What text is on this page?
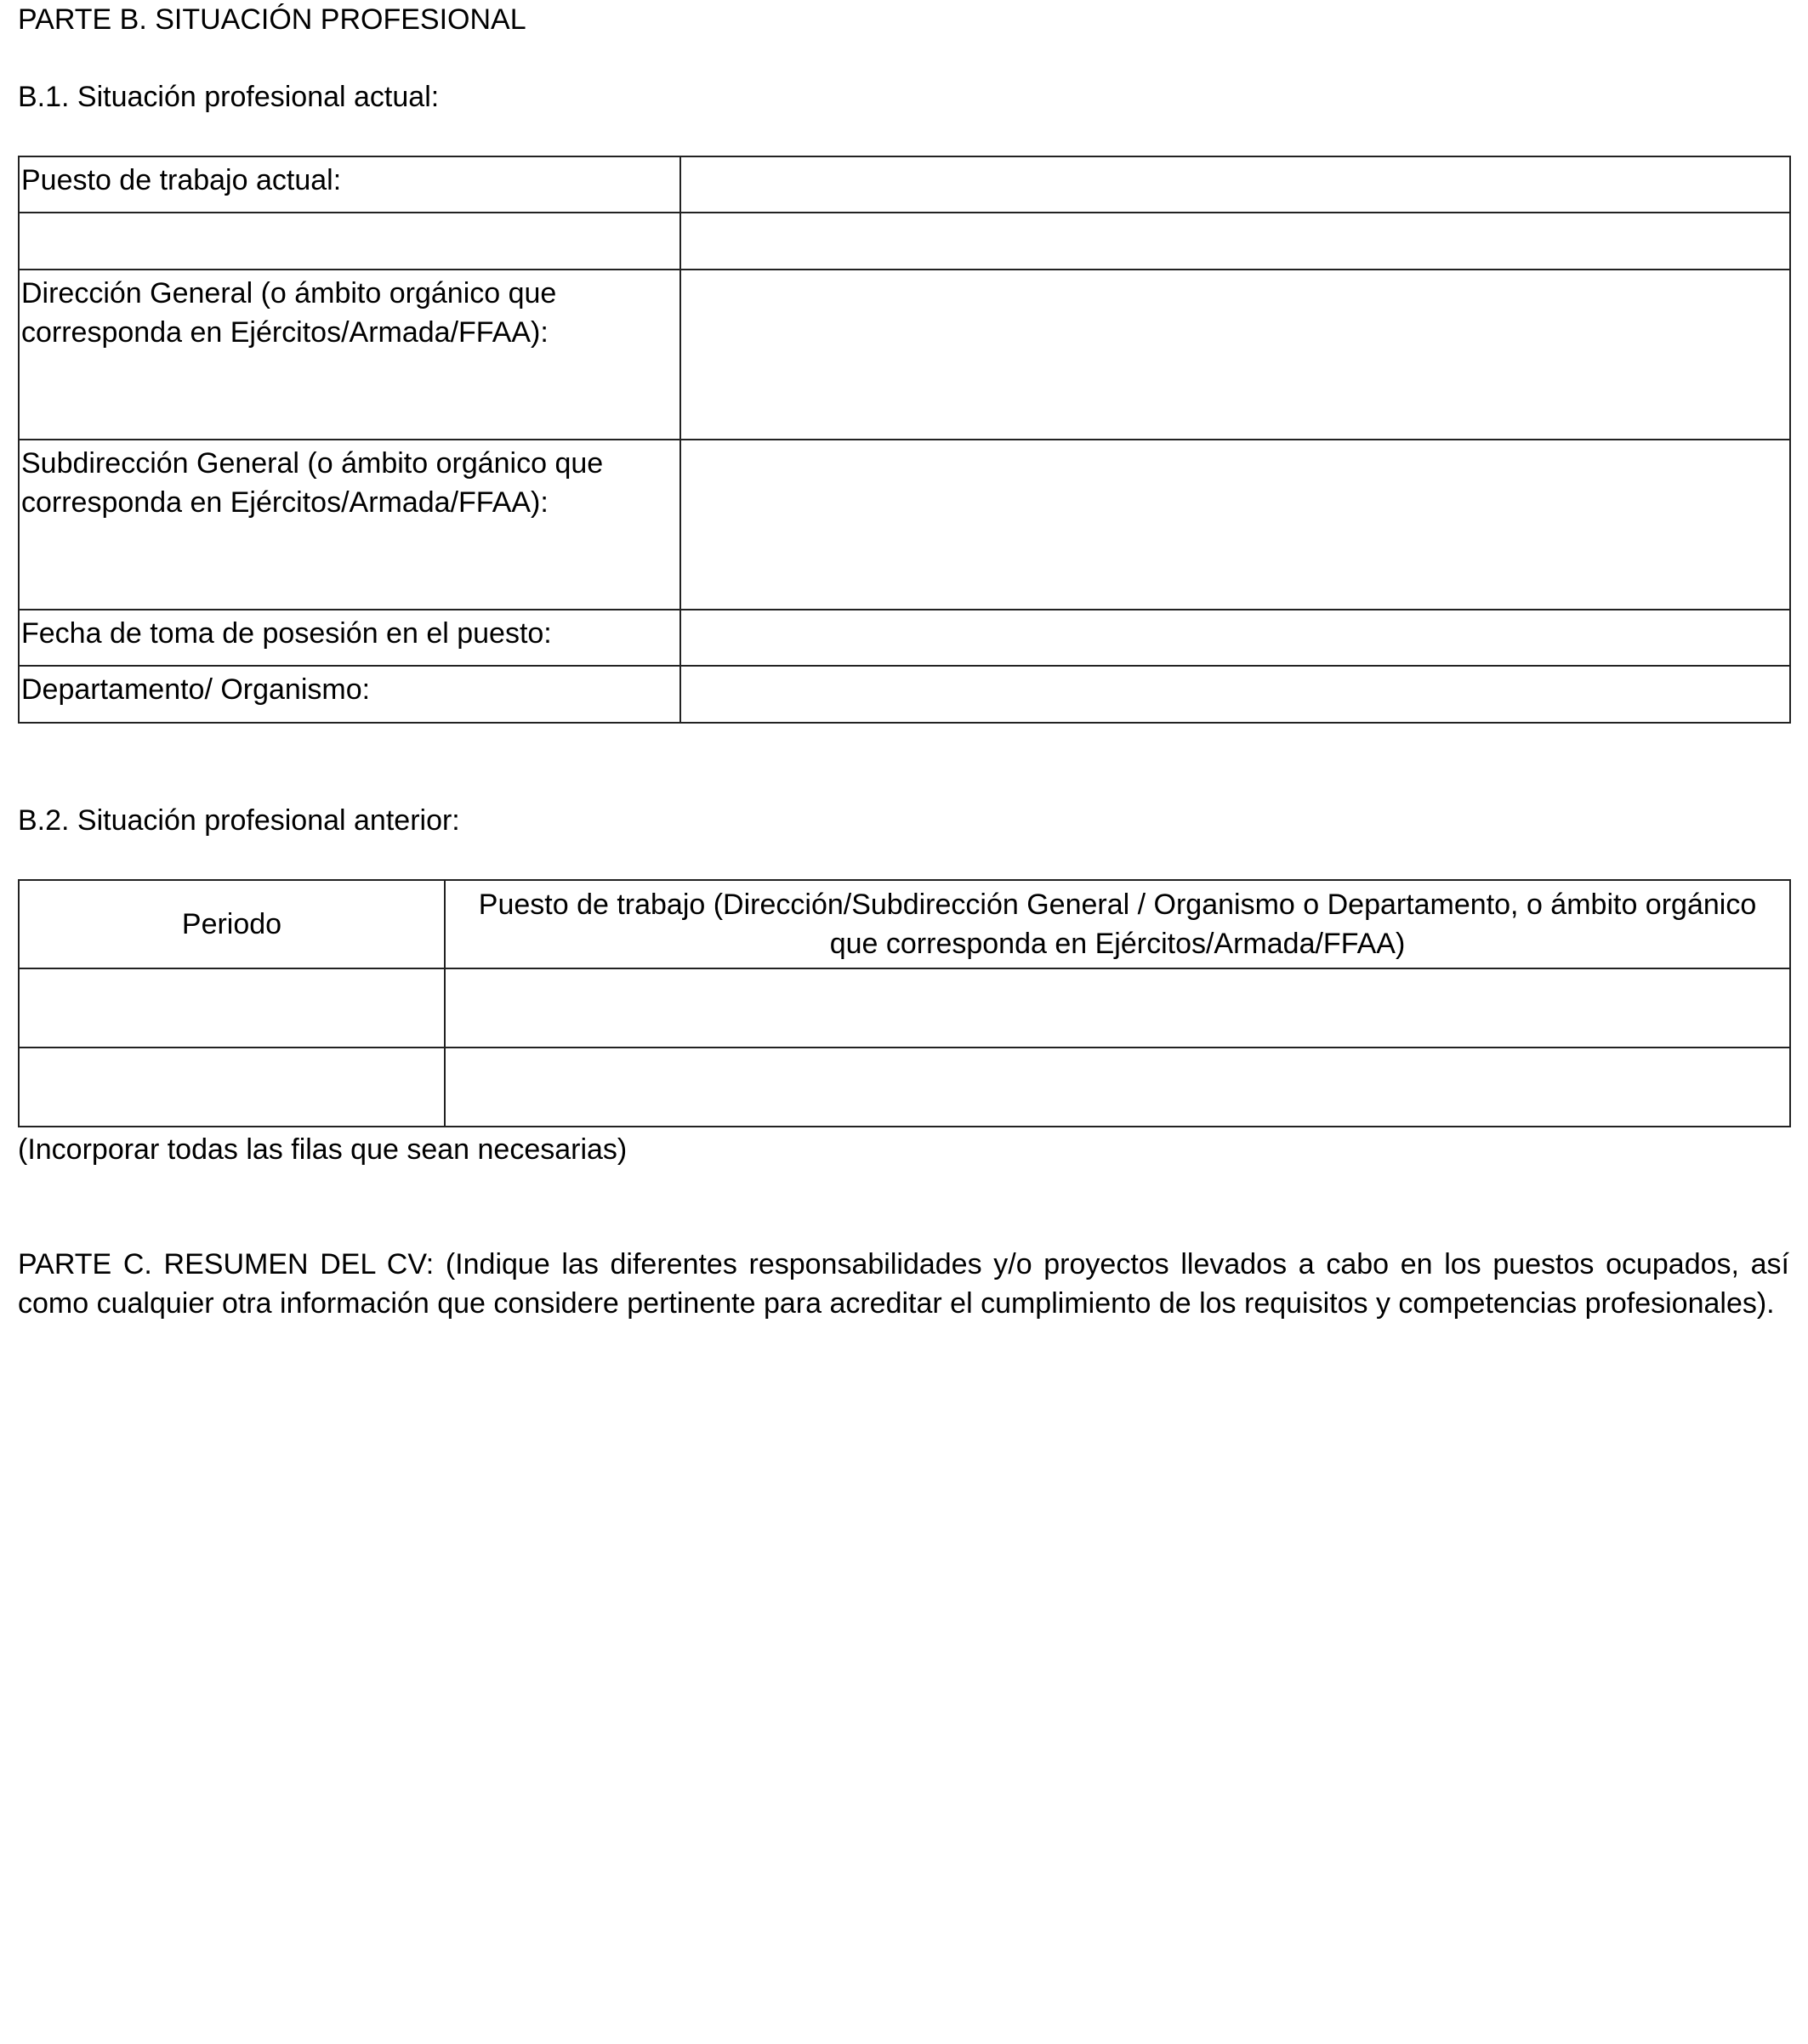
PARTE B. SITUACIÓN PROFESIONAL
B.1. Situación profesional actual:
Puesto de trabajo actual:	

Dirección General (o ámbito orgánico que corresponda en Ejércitos/Armada/FFAA):	
Subdirección General (o ámbito orgánico que corresponda en Ejércitos/Armada/FFAA):	
Fecha de toma de posesión en el puesto:	
Departamento/ Organismo:	
B.2. Situación profesional anterior:
Periodo	Puesto de trabajo (Dirección/Subdirección General / Organismo o Departamento, o ámbito orgánico que corresponda en Ejércitos/Armada/FFAA)

(Incorporar todas las filas que sean necesarias)
PARTE C. RESUMEN DEL CV: (Indique las diferentes responsabilidades y/o proyectos llevados a cabo en los puestos ocupados, así como cualquier otra información que considere pertinente para acreditar el cumplimiento de los requisitos y competencias profesionales).
